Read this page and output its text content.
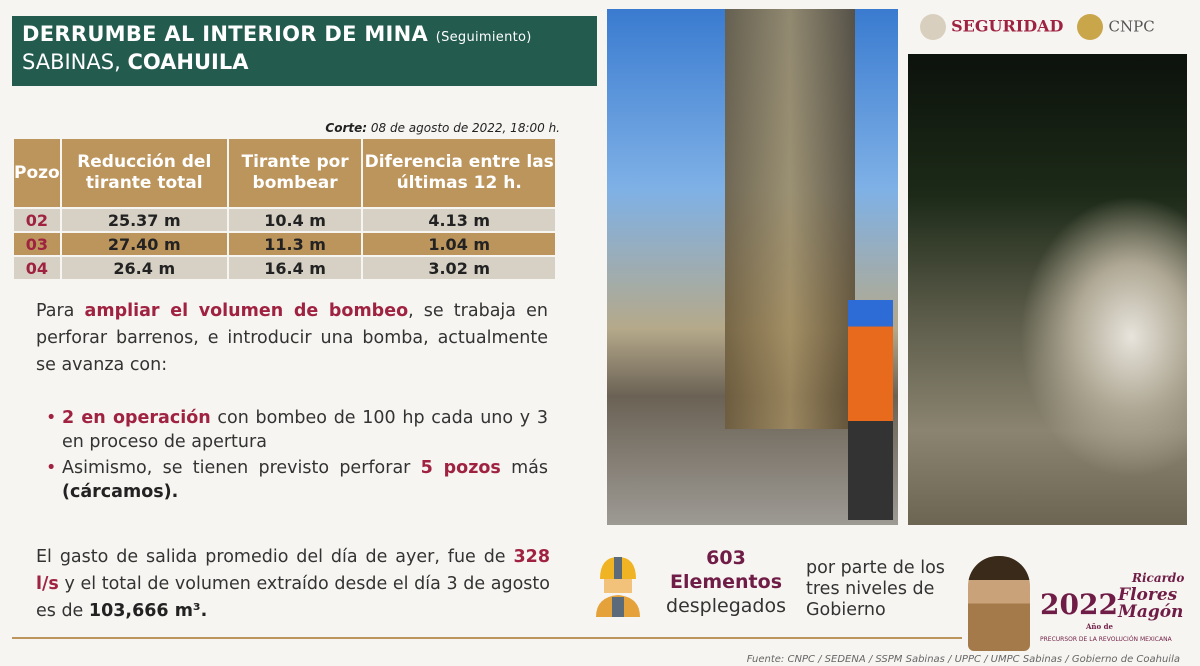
DERRUMBE AL INTERIOR DE MINA (Seguimiento)
SABINAS, COAHUILA
Corte: 08 de agosto de 2022, 18:00 h.
Pozo	Reducción del tirante total	Tirante por bombear	Diferencia entre las últimas 12 h.
02	25.37 m	10.4 m	4.13 m
03	27.40 m	11.3 m	1.04 m
04	26.4 m	16.4 m	3.02 m
Para ampliar el volumen de bombeo, se trabaja en perforar barrenos, e introducir una bomba, actualmente se avanza con:
• 2 en operación con bombeo de 100 hp cada uno y 3 en proceso de apertura
• Asimismo, se tienen previsto perforar 5 pozos más (cárcamos).
El gasto de salida promedio del día de ayer, fue de 328 l/s y el total de volumen extraído desde el día 3 de agosto es de 103,666 m³.
SEGURIDAD	CNPC
603
Elementos
desplegados
por parte de los
tres niveles de
Gobierno	2022
Año de
Ricardo
Flores
Magón
PRECURSOR DE LA REVOLUCIÓN MEXICANA
Fuente: CNPC / SEDENA / SSPM Sabinas / UPPC / UMPC Sabinas / Gobierno de Coahuila
